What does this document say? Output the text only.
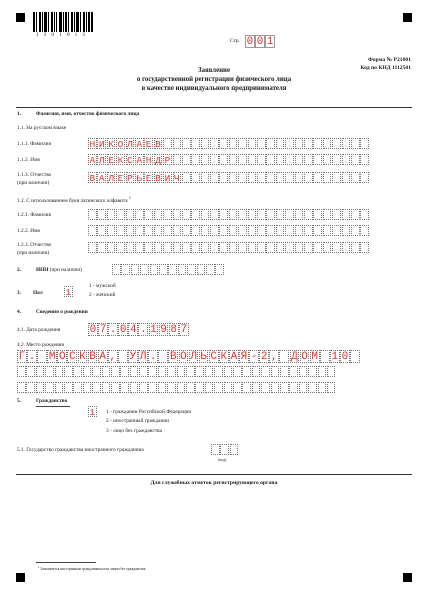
1 3 0 1 0 1 3
Стр. 0 0 1
Форма № Р21001
Код по КНД 1112501
Заявление
о государственной регистрации физического лица
в качестве индивидуального предпринимателя
1.	Фамилия, имя, отчество физического лица
1.1. На русском языке
1.1.1. Фамилия	Н И К О Л А Е В
1.1.2. Имя	А Л Е К С А Н Д Р
1.1.3. Отчество
(при наличии)	В А Л Е Р Ь Е В И Ч
1.2. С использованием букв латинского алфавита $^1$
1.2.1. Фамилия
1.2.2. Имя
1.2.3. Отчество
(при наличии)
2.	ИНН (при наличии)
3. Пол 1
1 - мужской
2 - женский
4.	Сведения о рождении
4.1. Дата рождения	0 7 . 0 4 . 1 9 8 7
4.2. Место рождения
Г . М О С К В А , У Л . В О Л Ь С К А Я - 2 , Д О М 1 0
5.	Гражданство
1 1 - гражданин Российской Федерации
2 - иностранный гражданин
3 - лицо без гражданства
5.1. Государство гражданства иностранного гражданина
(код)
Для служебных отметок регистрирующего органа
$^1$ Заполняется иностранным гражданином или лицом без гражданства.
